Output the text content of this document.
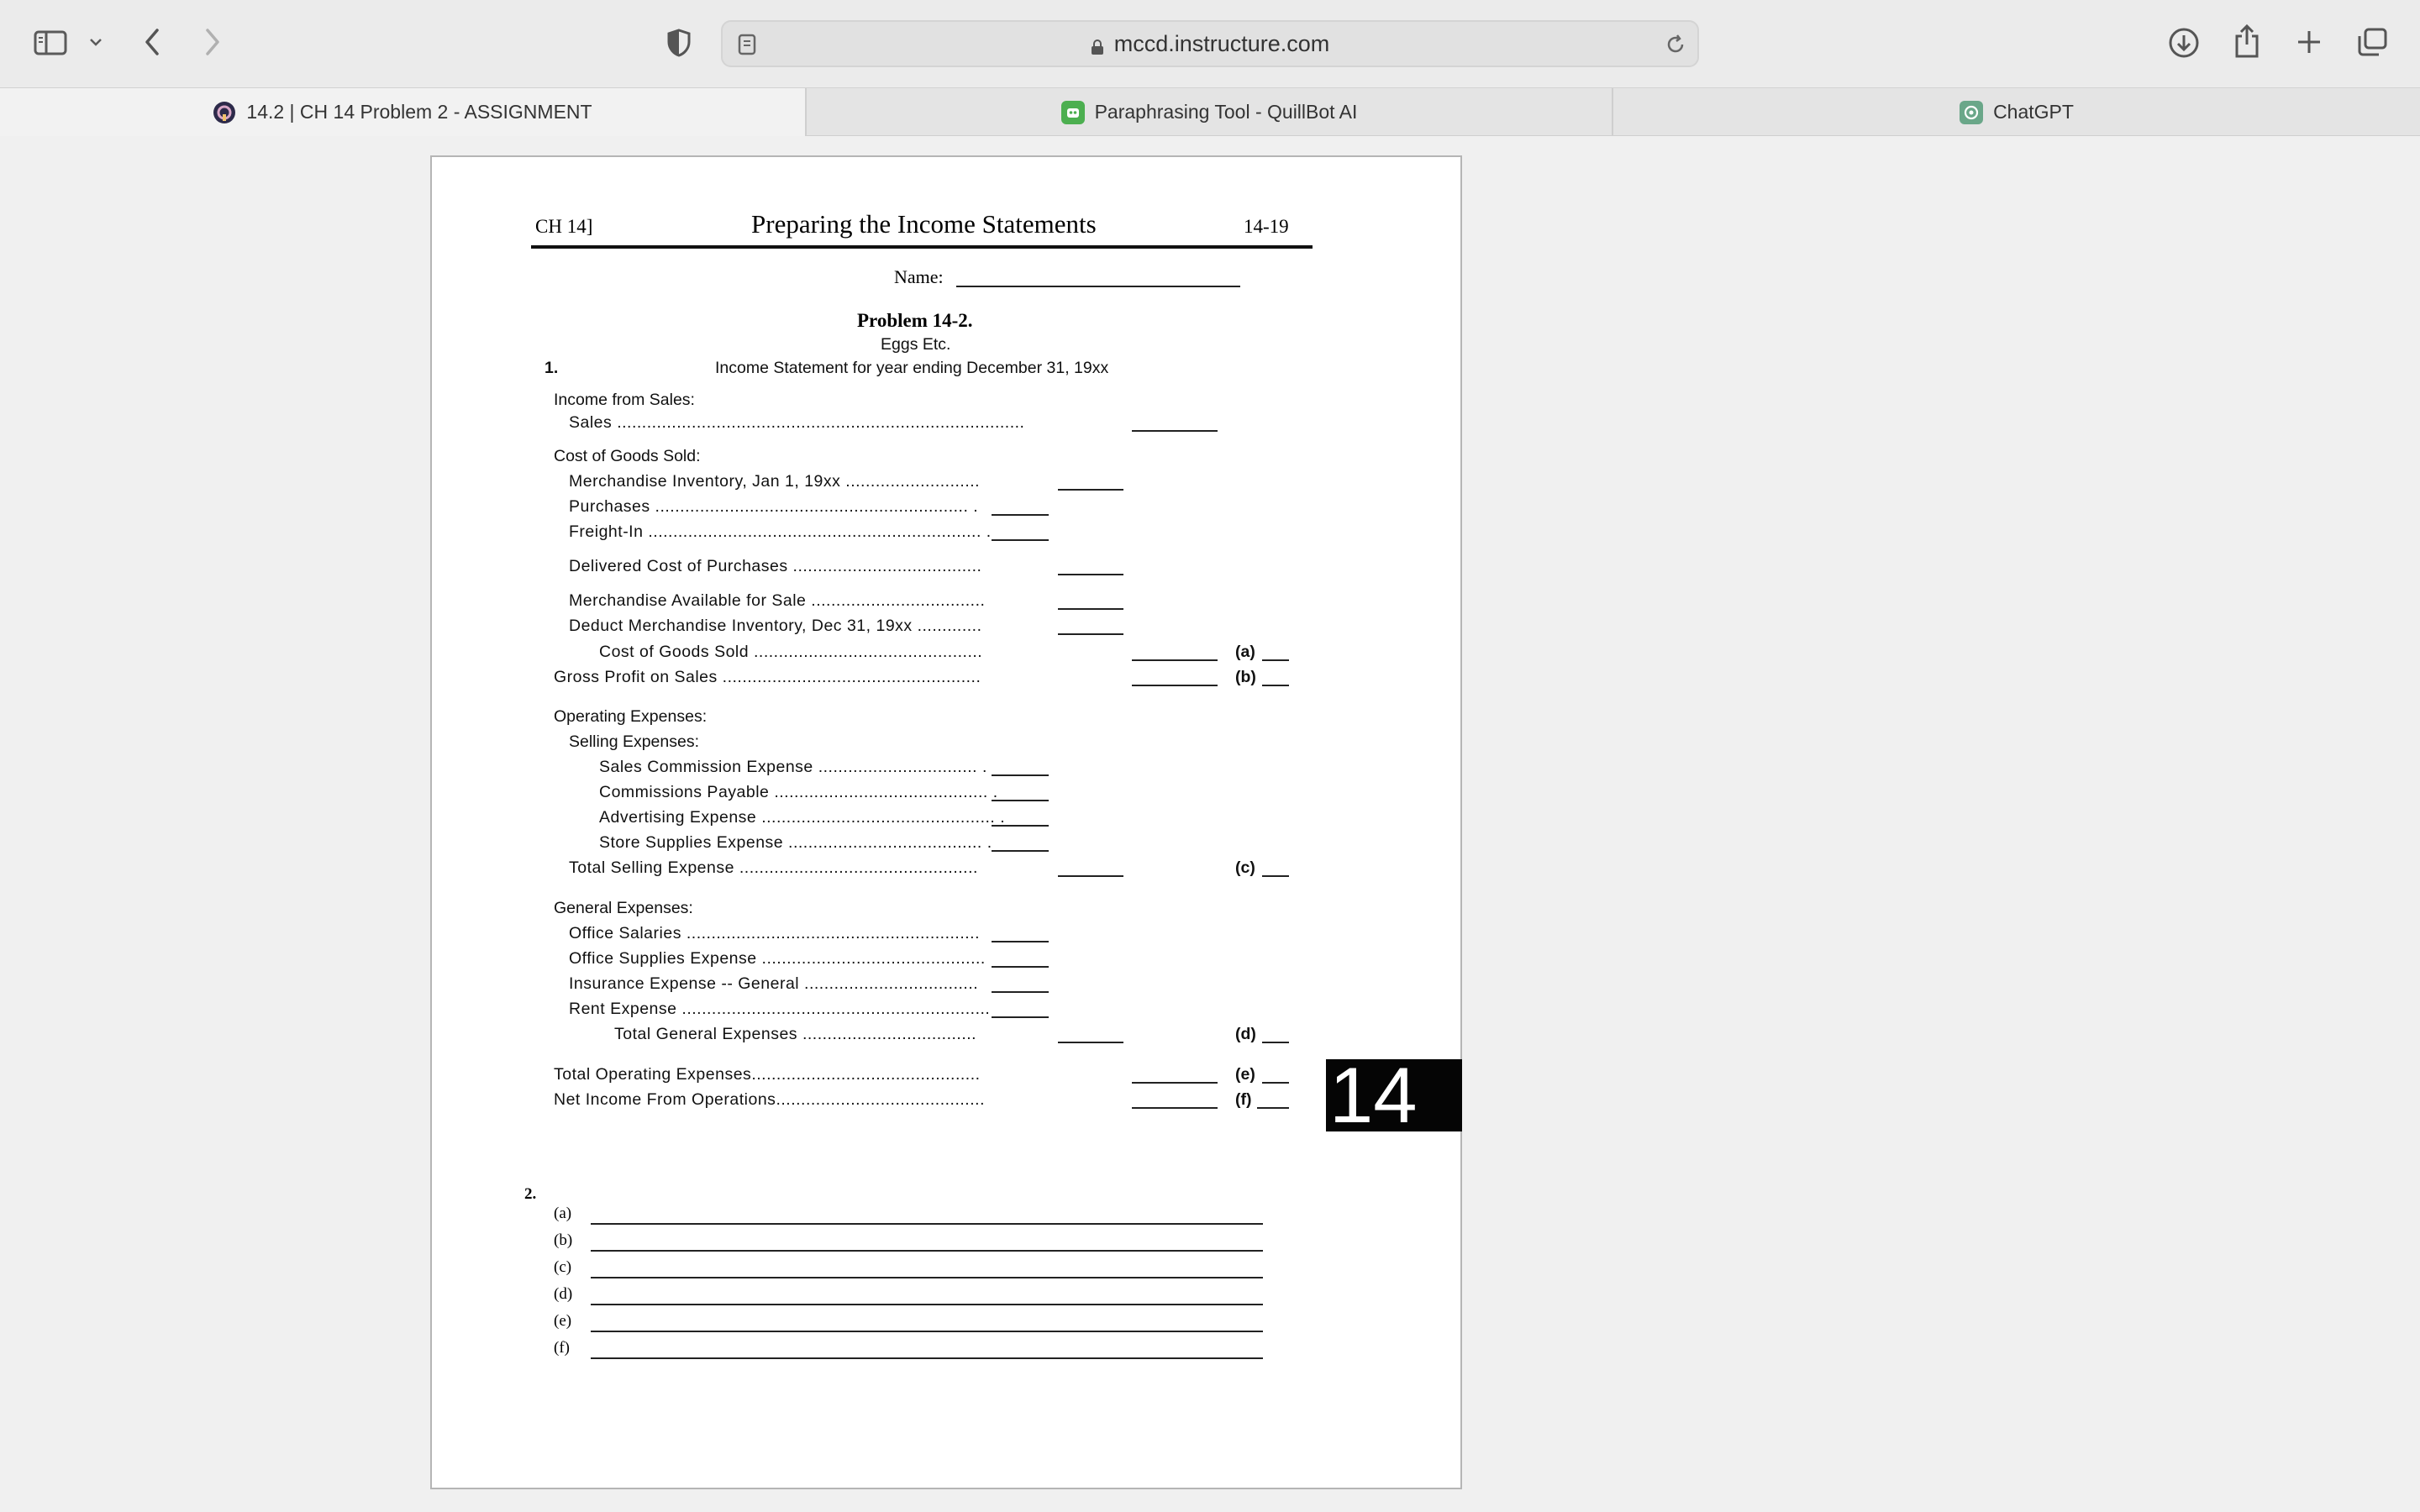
mccd.instructure.com
14.2 | CH 14 Problem 2 - ASSIGNMENT	Paraphrasing Tool - QuillBot AI	ChatGPT
CH 14]	Preparing the Income Statements	14-19
Name:
Problem 14-2.
Eggs Etc.
1.	Income Statement for year ending December 31, 19xx
Income from Sales:
Sales ..................................................................................
Cost of Goods Sold:
Merchandise Inventory, Jan 1, 19xx ...........................
Purchases ............................................................... .
Freight-In ................................................................... .
Delivered Cost of Purchases ......................................
Merchandise Available for Sale ...................................
Deduct Merchandise Inventory, Dec 31, 19xx .............
Cost of Goods Sold ..............................................	(a)
Gross Profit on Sales ....................................................	(b)
Operating Expenses:
Selling Expenses:
Sales Commission Expense ................................ .
Commissions Payable ........................................... .
Advertising Expense ............................................... .
Store Supplies Expense ....................................... .
Total Selling Expense ................................................	(c)
General Expenses:
Office Salaries ...........................................................
Office Supplies Expense .............................................
Insurance Expense -- General ...................................
Rent Expense ..............................................................
Total General Expenses ...................................	(d)
Total Operating Expenses..............................................	(e)
Net Income From Operations..........................................	(f) 14
2.
(a)
(b)
(c)
(d)
(e)
(f)
